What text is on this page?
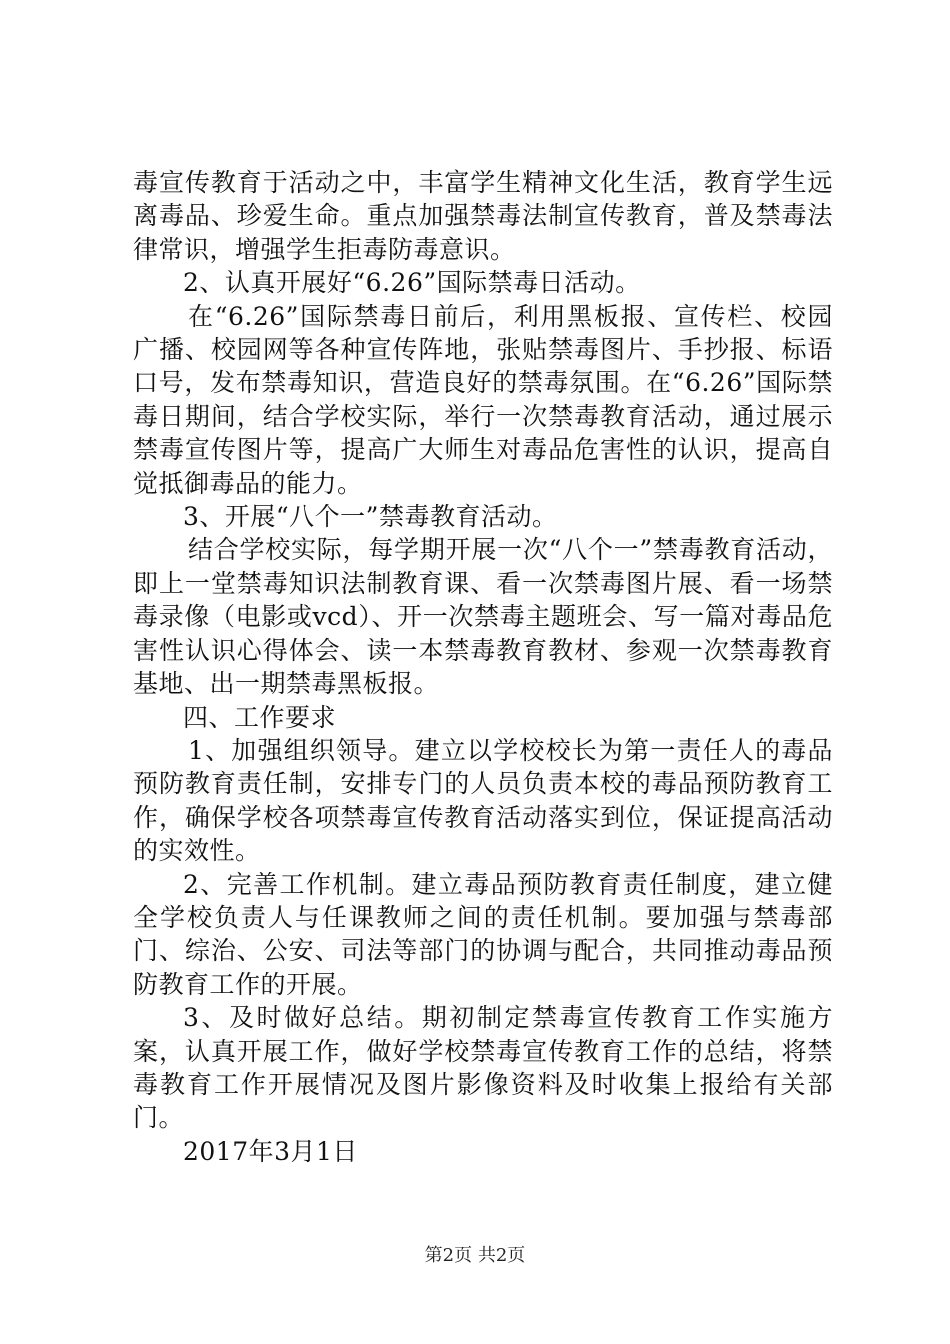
毒宣传教育于活动之中，丰富学生精神文化生活，教育学生远离毒品、珍爱生命。重点加强禁毒法制宣传教育，普及禁毒法律常识，增强学生拒毒防毒意识。

2、认真开展好“6.26”国际禁毒日活动。

在“6.26”国际禁毒日前后，利用黑板报、宣传栏、校园广播、校园网等各种宣传阵地，张贴禁毒图片、手抄报、标语口号，发布禁毒知识，营造良好的禁毒氛围。在“6.26”国际禁毒日期间，结合学校实际，举行一次禁毒教育活动，通过展示禁毒宣传图片等，提高广大师生对毒品危害性的认识，提高自觉抵御毒品的能力。

3、开展“八个一”禁毒教育活动。

结合学校实际，每学期开展一次“八个一”禁毒教育活动，即上一堂禁毒知识法制教育课、看一次禁毒图片展、看一场禁毒录像（电影或vcd）、开一次禁毒主题班会、写一篇对毒品危害性认识心得体会、读一本禁毒教育教材、参观一次禁毒教育基地、出一期禁毒黑板报。

四、工作要求

1、加强组织领导。建立以学校校长为第一责任人的毒品预防教育责任制，安排专门的人员负责本校的毒品预防教育工作，确保学校各项禁毒宣传教育活动落实到位，保证提高活动的实效性。

2、完善工作机制。建立毒品预防教育责任制度，建立健全学校负责人与任课教师之间的责任机制。要加强与禁毒部门、综治、公安、司法等部门的协调与配合，共同推动毒品预防教育工作的开展。

3、及时做好总结。期初制定禁毒宣传教育工作实施方案，认真开展工作，做好学校禁毒宣传教育工作的总结，将禁毒教育工作开展情况及图片影像资料及时收集上报给有关部门。

2017年3月1日

第2页 共2页
